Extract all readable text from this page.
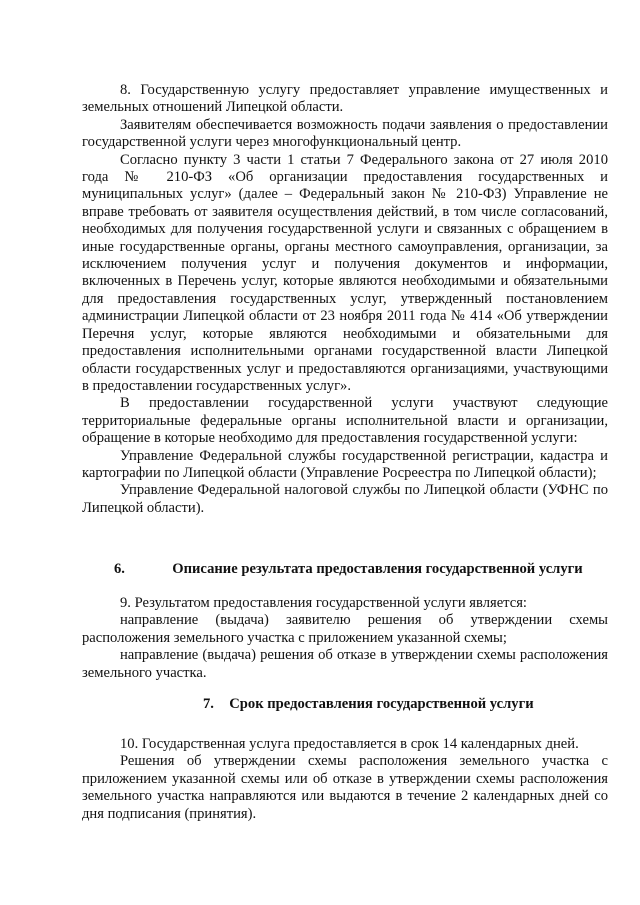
8. Государственную услугу предоставляет управление имущественных и земельных отношений Липецкой области.

Заявителям обеспечивается возможность подачи заявления о предоставлении государственной услуги через многофункциональный центр.

Согласно пункту 3 части 1 статьи 7 Федерального закона от 27 июля 2010 года № 210-ФЗ «Об организации предоставления государственных и муниципальных услуг» (далее – Федеральный закон № 210-ФЗ) Управление не вправе требовать от заявителя осуществления действий, в том числе согласований, необходимых для получения государственной услуги и связанных с обращением в иные государственные органы, органы местного самоуправления, организации, за исключением получения услуг и получения документов и информации, включенных в Перечень услуг, которые являются необходимыми и обязательными для предоставления государственных услуг, утвержденный постановлением администрации Липецкой области от 23 ноября 2011 года № 414 «Об утверждении Перечня услуг, которые являются необходимыми и обязательными для предоставления исполнительными органами государственной власти Липецкой области государственных услуг и предоставляются организациями, участвующими в предоставлении государственных услуг».

В предоставлении государственной услуги участвуют следующие территориальные федеральные органы исполнительной власти и организации, обращение в которые необходимо для предоставления государственной услуги:

Управление Федеральной службы государственной регистрации, кадастра и картографии по Липецкой области (Управление Росреестра по Липецкой области);

Управление Федеральной налоговой службы по Липецкой области (УФНС по Липецкой области).

6.	Описание результата предоставления государственной услуги

9. Результатом предоставления государственной услуги является:

направление (выдача) заявителю решения об утверждении схемы расположения земельного участка с приложением указанной схемы;

направление (выдача) решения об отказе в утверждении схемы расположения земельного участка.

7. Срок предоставления государственной услуги

10. Государственная услуга предоставляется в срок 14 календарных дней.

Решения об утверждении схемы расположения земельного участка с приложением указанной схемы или об отказе в утверждении схемы расположения земельного участка направляются или выдаются в течение 2 календарных дней со дня подписания (принятия).
